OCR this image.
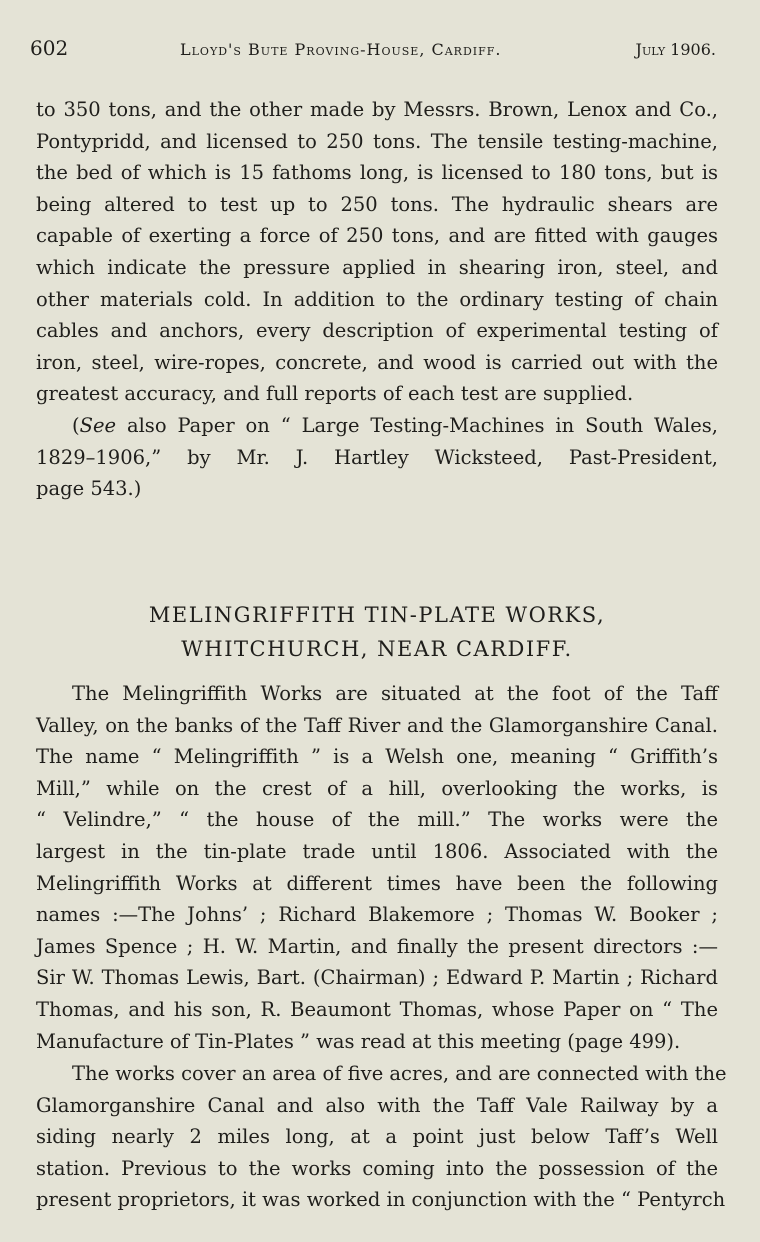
602	Lloyd's Bute Proving-House, Cardiff.	July 1906.
to 350 tons, and the other made by Messrs. Brown, Lenox and Co.,
Pontypridd, and licensed to 250 tons. The tensile testing-machine,
the bed of which is 15 fathoms long, is licensed to 180 tons, but is
being altered to test up to 250 tons. The hydraulic shears are
capable of exerting a force of 250 tons, and are fitted with gauges
which indicate the pressure applied in shearing iron, steel, and
other materials cold. In addition to the ordinary testing of chain
cables and anchors, every description of experimental testing of
iron, steel, wire-ropes, concrete, and wood is carried out with the
greatest accuracy, and full reports of each test are supplied.
(See also Paper on “ Large Testing-Machines in South Wales,
1829–1906,” by Mr. J. Hartley Wicksteed, Past-President,
page 543.)
MELINGRIFFITH TIN-PLATE WORKS,
WHITCHURCH, NEAR CARDIFF.
The Melingriffith Works are situated at the foot of the Taff
Valley, on the banks of the Taff River and the Glamorganshire Canal.
The name “ Melingriffith ” is a Welsh one, meaning “ Griffith’s
Mill,” while on the crest of a hill, overlooking the works, is
“ Velindre,” “ the house of the mill.” The works were the
largest in the tin-plate trade until 1806. Associated with the
Melingriffith Works at different times have been the following
names :—The Johns’ ; Richard Blakemore ; Thomas W. Booker ;
James Spence ; H. W. Martin, and finally the present directors :—
Sir W. Thomas Lewis, Bart. (Chairman) ; Edward P. Martin ; Richard
Thomas, and his son, R. Beaumont Thomas, whose Paper on “ The
Manufacture of Tin-Plates ” was read at this meeting (page 499).
The works cover an area of five acres, and are connected with the
Glamorganshire Canal and also with the Taff Vale Railway by a
siding nearly 2 miles long, at a point just below Taff’s Well
station. Previous to the works coming into the possession of the
present proprietors, it was worked in conjunction with the “ Pentyrch
